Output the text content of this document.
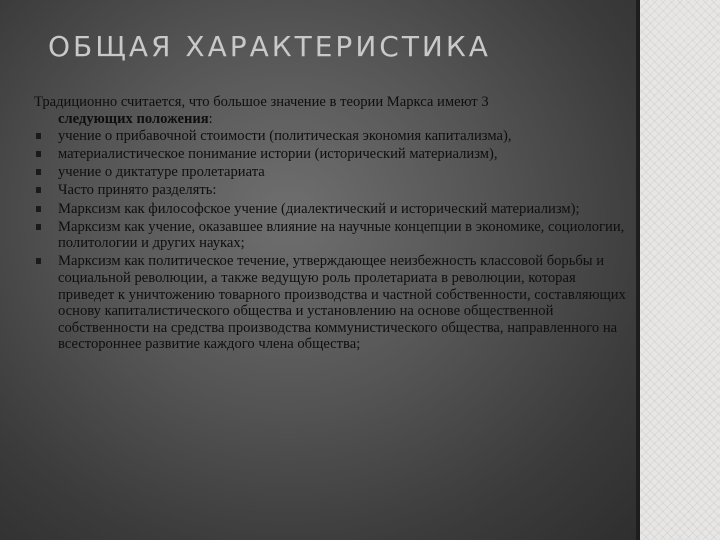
ОБЩАЯ ХАРАКТЕРИСТИКА

Традиционно считается, что большое значение в теории Маркса имеют 3
следующих положения:

учение о прибавочной стоимости (политическая экономия капитализма),
материалистическое понимание истории (исторический материализм),
учение о диктатуре пролетариата
Часто принято разделять:
Марксизм как философское учение (диалектический и исторический материализм);
Марксизм как учение, оказавшее влияние на научные концепции в экономике, социологии, политологии и других науках;
Марксизм как политическое течение, утверждающее неизбежность классовой борьбы и социальной революции, а также ведущую роль пролетариата в революции, которая приведет к уничтожению товарного производства и частной собственности, составляющих основу капиталистического общества и установлению на основе общественной собственности на средства производства коммунистического общества, направленного на всестороннее развитие каждого члена общества;
